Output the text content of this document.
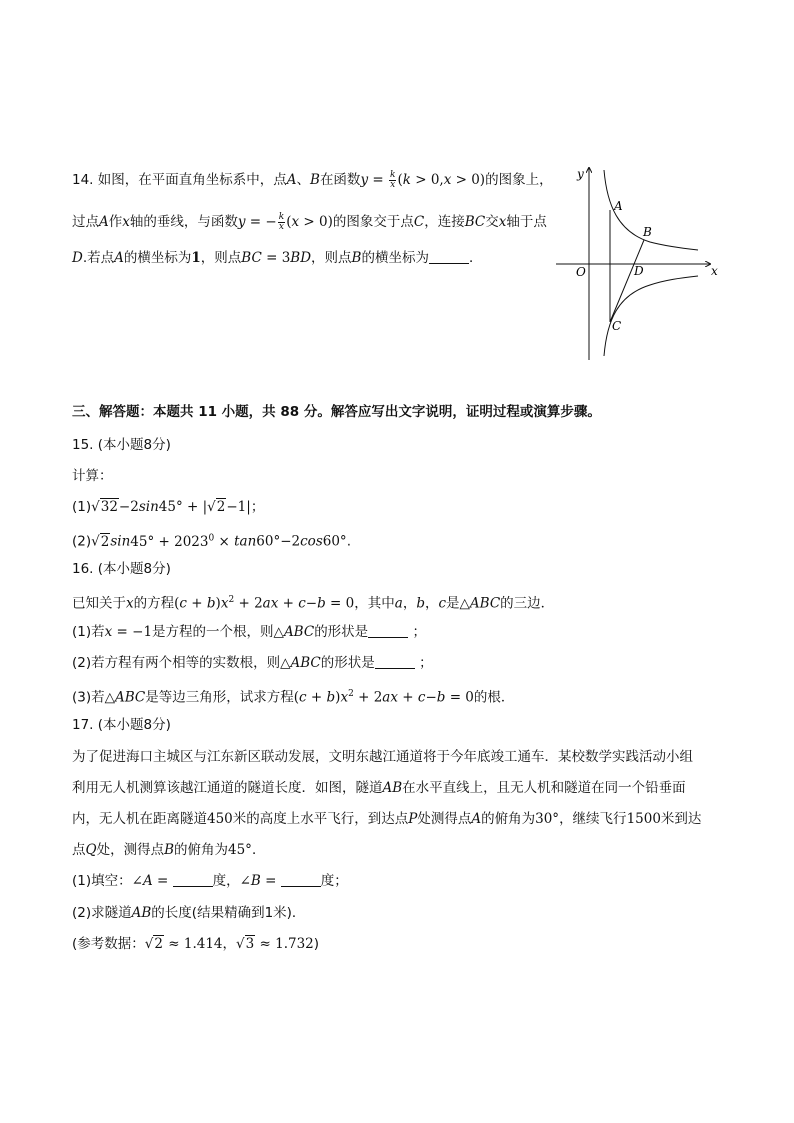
14. 如图，在平面直角坐标系中，点A、B在函数$y = \frac{k}{x} (k > 0,x > 0)$的图象上，
过点A作x轴的垂线，与函数y = − $\frac{k}{x} (x > 0)$的图象交于点C，连接BC交x轴于点
D.若点A的横坐标为1，则点BC = 3BD，则点B的横坐标为	．
y
x
O
A
B
C
D
三、解答题：本题共 11 小题，共 88 分。解答应写出文字说明，证明过程或演算步骤。
15. (本小题8分)
计算：
(1)√32−2sin45° + |√2−1|；
$(2)√2\sin 45^\circ + 2023^0 \times \tan 60^\circ-2\cos 60^\circ$.
16. (本小题8分)
已知关于x的方程$(c + b)x^2 + 2ax + c-b = 0$，其中a，b，c是△ABC的三边．
(1)若x = −1是方程的一个根，则△ABC的形状是	；
(2)若方程有两个相等的实数根，则△ABC的形状是	；
(3)若△ABC是等边三角形，试求方程$(c + b)x^2 + 2ax + c-b = 0$的根．
17. (本小题8分)
为了促进海口主城区与江东新区联动发展，文明东越江通道将于今年底竣工通车．某校数学实践活动小组
利用无人机测算该越江通道的隧道长度．如图，隧道AB在水平直线上，且无人机和隧道在同一个铅垂面
内，无人机在距离隧道450米的高度上水平飞行，到达点P处测得点A的俯角为30°，继续飞行1500米到达
点Q处，测得点B的俯角为45°．
(1)填空：∠A =	度，∠B =	度；
(2)求隧道AB的长度(结果精确到1米)．
(参考数据：√2 ≈ 1.414，√3 ≈ 1.732)
